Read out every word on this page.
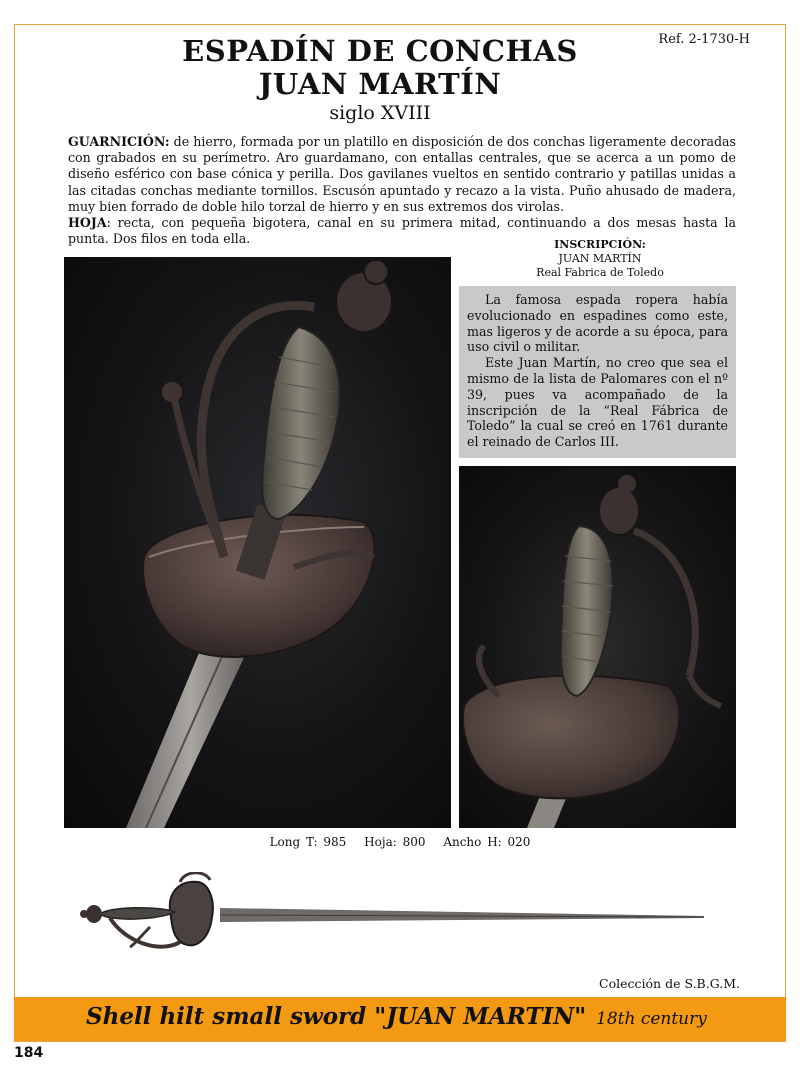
Ref. 2-1730-H
ESPADÍN DE CONCHAS
JUAN MARTÍN
siglo XVIII

GUARNICIÓN: de hierro, formada por un platillo en disposición de dos conchas ligeramente decoradas con grabados en su perímetro. Aro guardamano, con entallas centrales, que se acerca a un pomo de diseño esférico con base cónica y perilla. Dos gavilanes vueltos en sentido contrario y patillas unidas a las citadas conchas mediante tornillos. Escusón apuntado y recazo a la vista. Puño ahusado de madera, muy bien forrado de doble hilo torzal de hierro y en sus extremos dos virolas.

HOJA: recta, con pequeña bigotera, canal en su primera mitad, continuando a dos mesas hasta la punta. Dos filos en toda ella.	INSCRIPCIÓN:
JUAN MARTÍN
Real Fabrica de Toledo

La famosa espada ropera había evolucionado en espadines como este, mas ligeros y de acorde a su época, para uso civil o militar.

Este Juan Martín, no creo que sea el mismo de la lista de Palomares con el nº 39, pues va acompañado de la inscripción de la “Real Fábrica de Toledo” la cual se creó en 1761 durante el reinado de Carlos III.

Long T: 985 Hoja: 800 Ancho H: 020
Colección de S.B.G.M.
Shell hilt small sword "JUAN MARTIN" 18th century
184
